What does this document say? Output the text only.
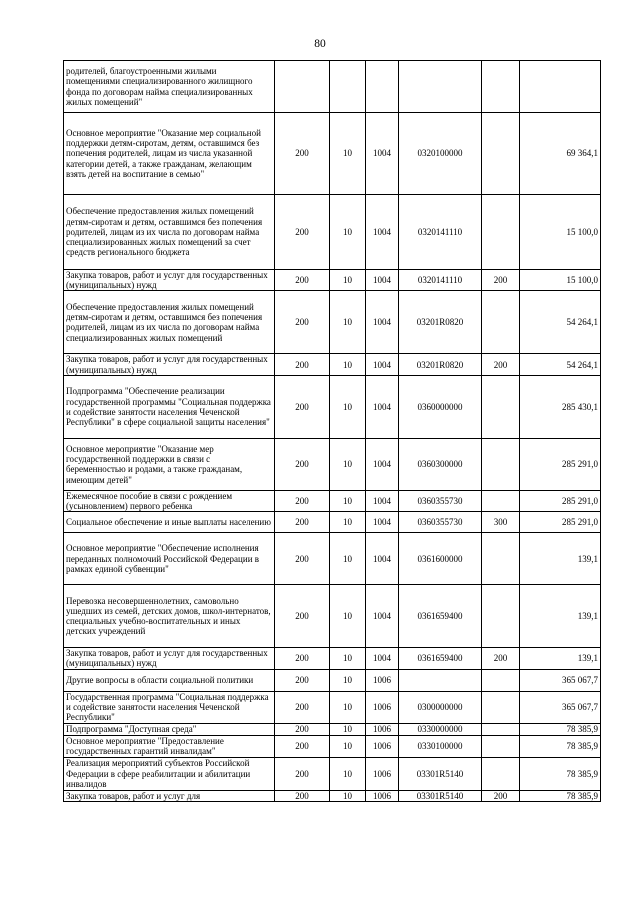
80
родителей, благоустроенными жилыми помещениями специализированного жилищного фонда по договорам найма специализированных жилых помещений"						
Основное мероприятие "Оказание мер социальной поддержки детям-сиротам, детям, оставшимся без попечения родителей, лицам из числа указанной категории детей, а также гражданам, желающим взять детей на воспитание в семью"	200	10	1004	0320100000		69 364,1
Обеспечение предоставления жилых помещений детям-сиротам и детям, оставшимся без попечения родителей, лицам из их числа по договорам найма специализированных жилых помещений за счет средств регионального бюджета	200	10	1004	0320141110		15 100,0
Закупка товаров, работ и услуг для государственных (муниципальных) нужд	200	10	1004	0320141110	200	15 100,0
Обеспечение предоставления жилых помещений детям-сиротам и детям, оставшимся без попечения родителей, лицам из их числа по договорам найма специализированных жилых помещений	200	10	1004	03201R0820		54 264,1
Закупка товаров, работ и услуг для государственных (муниципальных) нужд	200	10	1004	03201R0820	200	54 264,1
Подпрограмма "Обеспечение реализации государственной программы "Социальная поддержка и содействие занятости населения Чеченской Республики" в сфере социальной защиты населения"	200	10	1004	0360000000		285 430,1
Основное мероприятие "Оказание мер государственной поддержки в связи с беременностью и родами, а также гражданам, имеющим детей"	200	10	1004	0360300000		285 291,0
Ежемесячное пособие в связи с рождением (усыновлением) первого ребенка	200	10	1004	0360355730		285 291,0
Социальное обеспечение и иные выплаты населению	200	10	1004	0360355730	300	285 291,0
Основное мероприятие "Обеспечение исполнения переданных полномочий Российской Федерации в рамках единой субвенции"	200	10	1004	0361600000		139,1
Перевозка несовершеннолетних, самовольно ушедших из семей, детских домов, школ-интернатов, специальных учебно-воспитательных и иных детских учреждений	200	10	1004	0361659400		139,1
Закупка товаров, работ и услуг для государственных (муниципальных) нужд	200	10	1004	0361659400	200	139,1
Другие вопросы в области социальной политики	200	10	1006			365 067,7
Государственная программа "Социальная поддержка и содействие занятости населения Чеченской Республики"	200	10	1006	0300000000		365 067,7
Подпрограмма "Доступная среда"	200	10	1006	0330000000		78 385,9
Основное мероприятие "Предоставление государственных гарантий инвалидам"	200	10	1006	0330100000		78 385,9
Реализация мероприятий субъектов Российской Федерации в сфере реабилитации и абилитации инвалидов	200	10	1006	03301R5140		78 385,9
Закупка товаров, работ и услуг для	200	10	1006	03301R5140	200	78 385,9
